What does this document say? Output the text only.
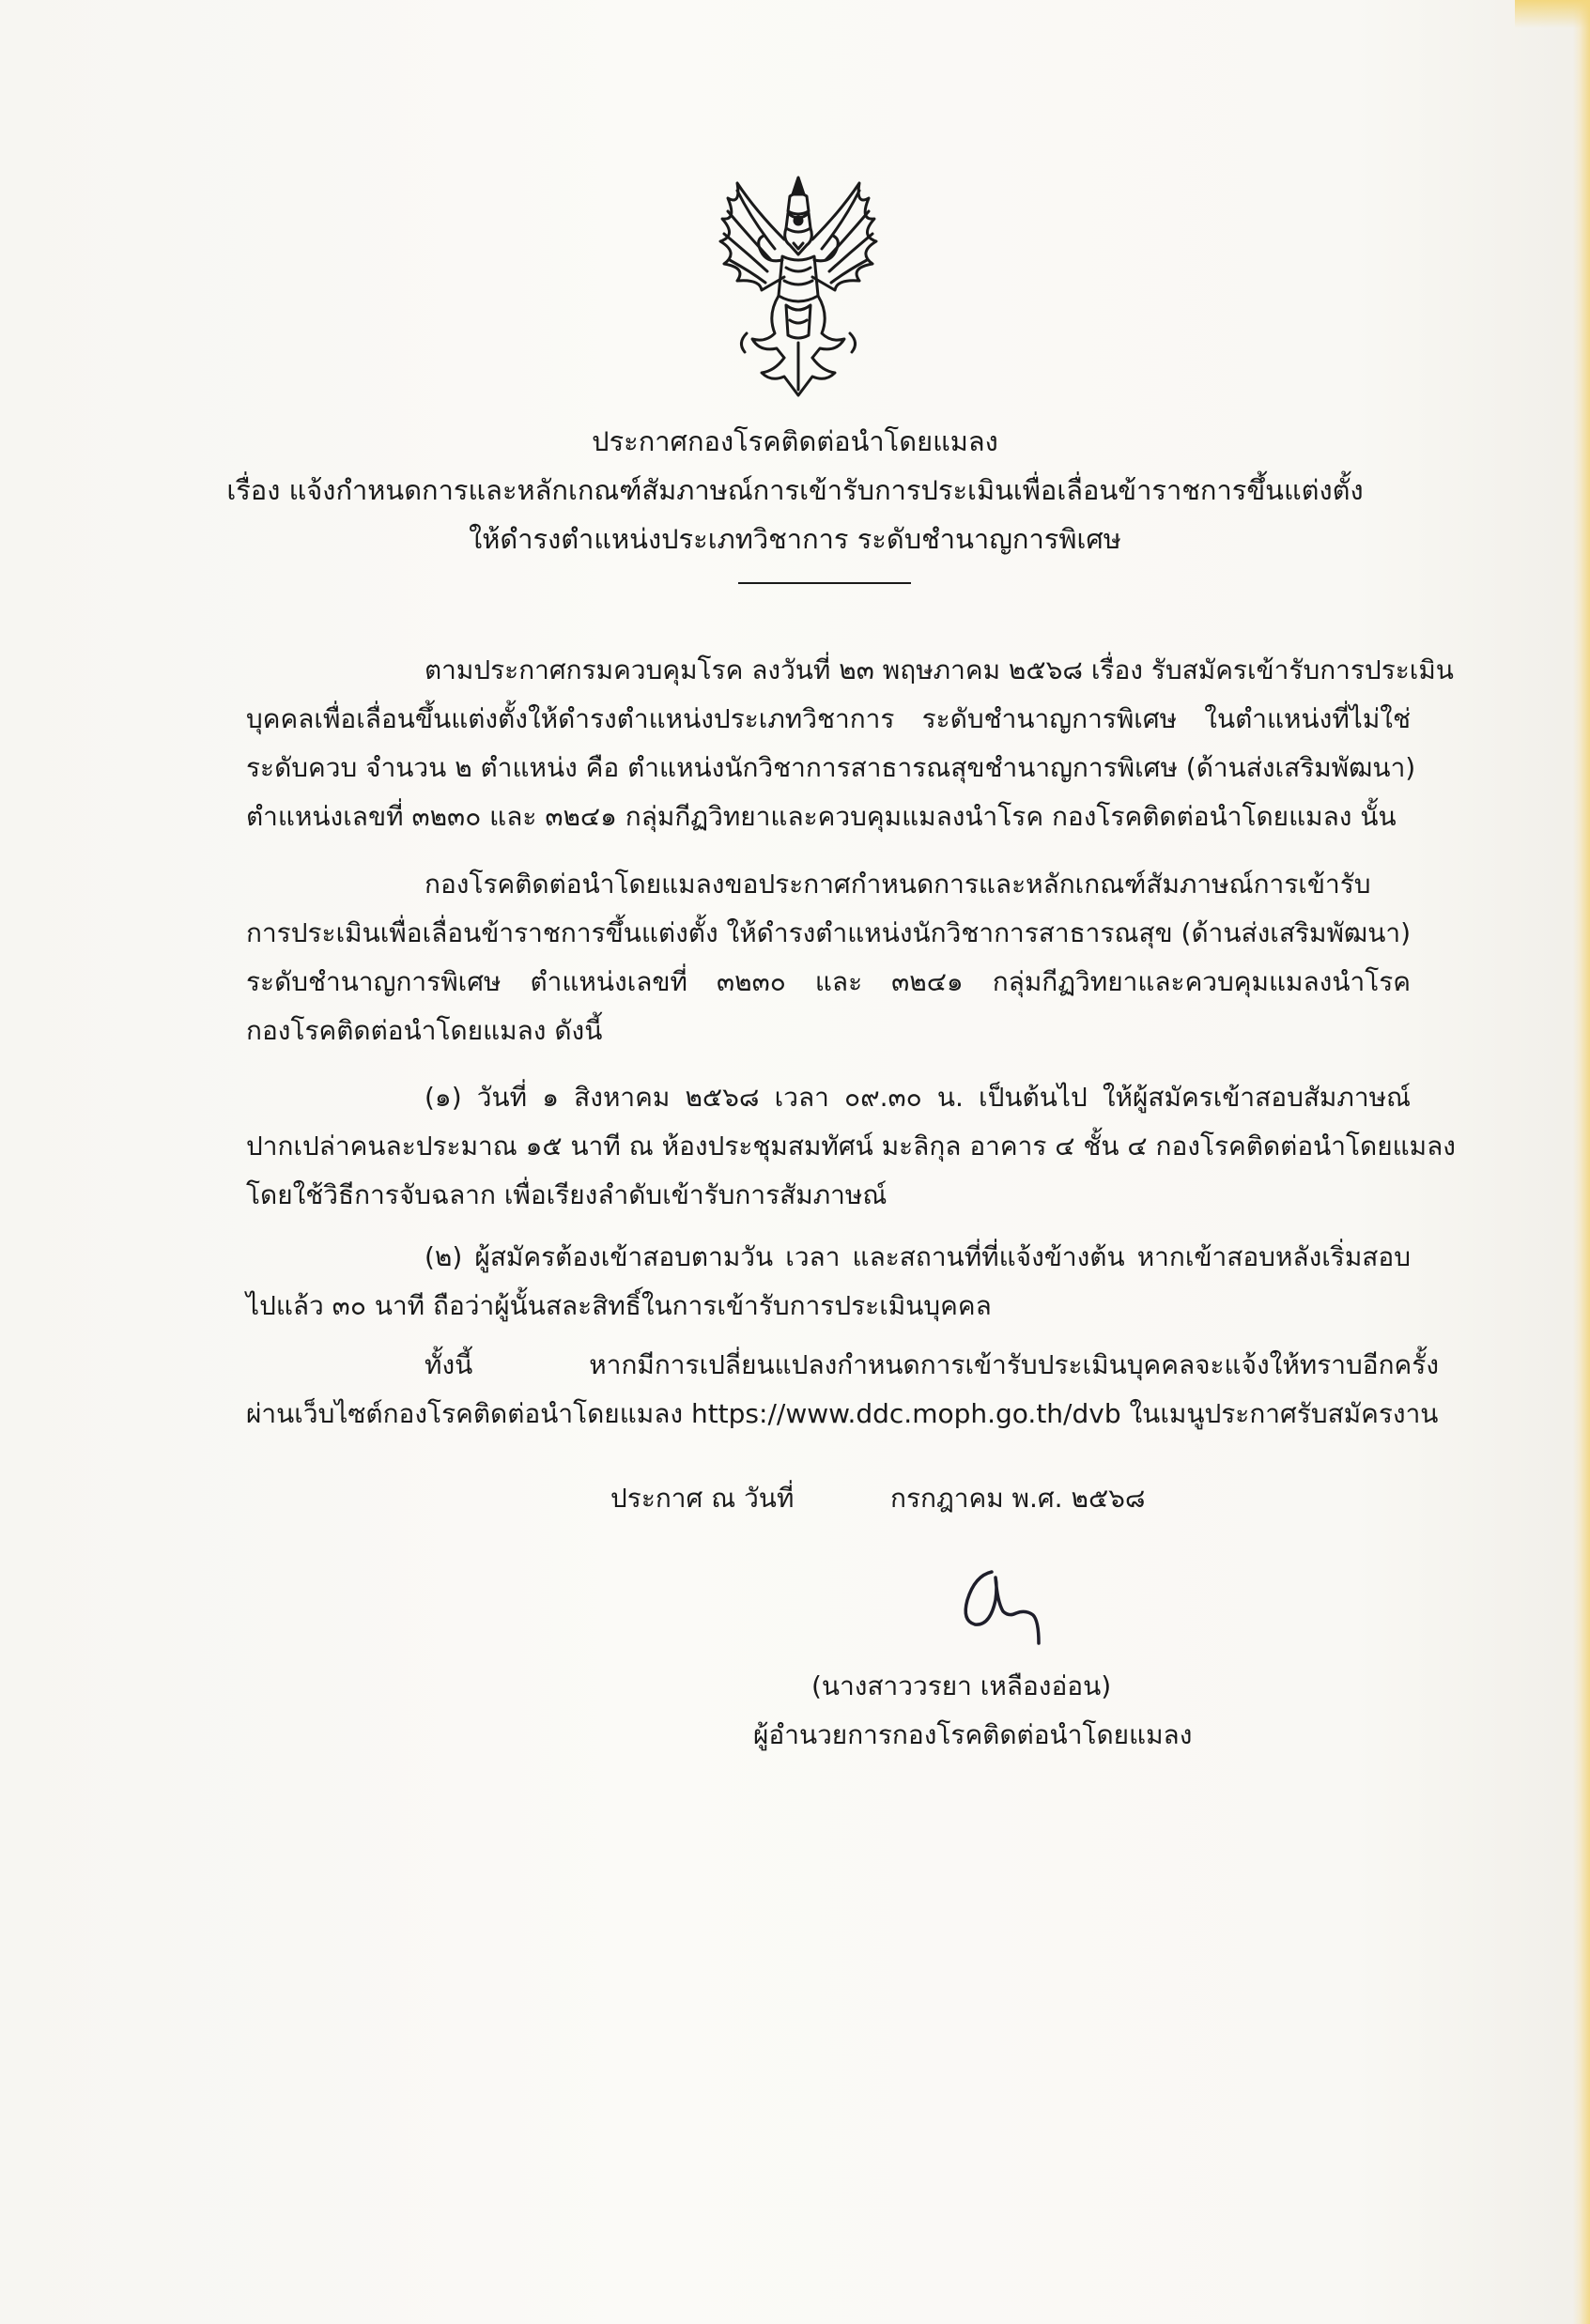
ประกาศกองโรคติดต่อนำโดยแมลง
เรื่อง แจ้งกำหนดการและหลักเกณฑ์สัมภาษณ์การเข้ารับการประเมินเพื่อเลื่อนข้าราชการขึ้นแต่งตั้ง
ให้ดำรงตำแหน่งประเภทวิชาการ ระดับชำนาญการพิเศษ
ตามประกาศกรมควบคุมโรค ลงวันที่ ๒๓ พฤษภาคม ๒๕๖๘ เรื่อง รับสมัครเข้ารับการประเมิน
บุคคลเพื่อเลื่อนขึ้นแต่งตั้งให้ดำรงตำแหน่งประเภทวิชาการ ระดับชำนาญการพิเศษ ในตำแหน่งที่ไม่ใช่
ระดับควบ จำนวน ๒ ตำแหน่ง คือ ตำแหน่งนักวิชาการสาธารณสุขชำนาญการพิเศษ (ด้านส่งเสริมพัฒนา)
ตำแหน่งเลขที่ ๓๒๓๐ และ ๓๒๔๑ กลุ่มกีฏวิทยาและควบคุมแมลงนำโรค กองโรคติดต่อนำโดยแมลง นั้น
กองโรคติดต่อนำโดยแมลงขอประกาศกำหนดการและหลักเกณฑ์สัมภาษณ์การเข้ารับ
การประเมินเพื่อเลื่อนข้าราชการขึ้นแต่งตั้ง ให้ดำรงตำแหน่งนักวิชาการสาธารณสุข (ด้านส่งเสริมพัฒนา)
ระดับชำนาญการพิเศษ ตำแหน่งเลขที่ ๓๒๓๐ และ ๓๒๔๑ กลุ่มกีฏวิทยาและควบคุมแมลงนำโรค
กองโรคติดต่อนำโดยแมลง ดังนี้
(๑) วันที่ ๑ สิงหาคม ๒๕๖๘ เวลา ๐๙.๓๐ น. เป็นต้นไป ให้ผู้สมัครเข้าสอบสัมภาษณ์
ปากเปล่าคนละประมาณ ๑๕ นาที ณ ห้องประชุมสมทัศน์ มะลิกุล อาคาร ๔ ชั้น ๔ กองโรคติดต่อนำโดยแมลง
โดยใช้วิธีการจับฉลาก เพื่อเรียงลำดับเข้ารับการสัมภาษณ์
(๒) ผู้สมัครต้องเข้าสอบตามวัน เวลา และสถานที่ที่แจ้งข้างต้น หากเข้าสอบหลังเริ่มสอบ
ไปแล้ว ๓๐ นาที ถือว่าผู้นั้นสละสิทธิ์ในการเข้ารับการประเมินบุคคล
ทั้งนี้ หากมีการเปลี่ยนแปลงกำหนดการเข้ารับประเมินบุคคลจะแจ้งให้ทราบอีกครั้ง
ผ่านเว็บไซต์กองโรคติดต่อนำโดยแมลง https://www.ddc.moph.go.th/dvb ในเมนูประกาศรับสมัครงาน
ประกาศ ณ วันที่	กรกฎาคม พ.ศ. ๒๕๖๘
(นางสาววรยา เหลืองอ่อน)
ผู้อำนวยการกองโรคติดต่อนำโดยแมลง
